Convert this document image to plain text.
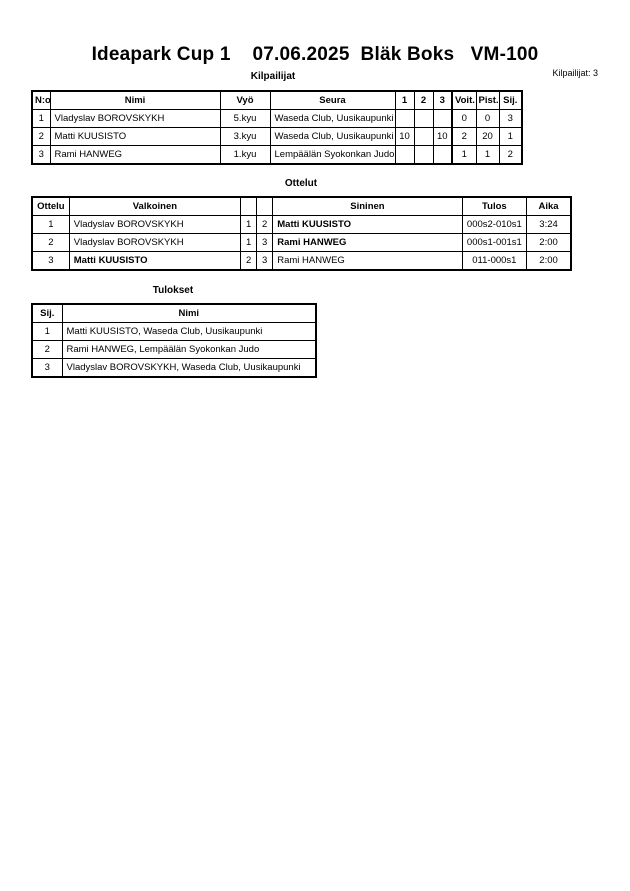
Ideapark Cup 1    07.06.2025  Bläk Boks   VM-100
Kilpailijat: 3
Kilpailijat
N:o	Nimi	Vyö	Seura	1	2	3	Voit.	Pist.	Sij.
1	Vladyslav BOROVSKYKH	5.kyu	Waseda Club, Uusikaupunki				0	0	3
2	Matti KUUSISTO	3.kyu	Waseda Club, Uusikaupunki	10		10	2	20	1
3	Rami HANWEG	1.kyu	Lempäälän Syokonkan Judo				1	1	2
Ottelut
Ottelu	Valkoinen			Sininen	Tulos	Aika
1	Vladyslav BOROVSKYKH	1	2	Matti KUUSISTO	000s2-010s1	3:24
2	Vladyslav BOROVSKYKH	1	3	Rami HANWEG	000s1-001s1	2:00
3	Matti KUUSISTO	2	3	Rami HANWEG	011-000s1	2:00
Tulokset
Sij.	Nimi
1	Matti KUUSISTO, Waseda Club, Uusikaupunki
2	Rami HANWEG, Lempäälän Syokonkan Judo
3	Vladyslav BOROVSKYKH, Waseda Club, Uusikaupunki
